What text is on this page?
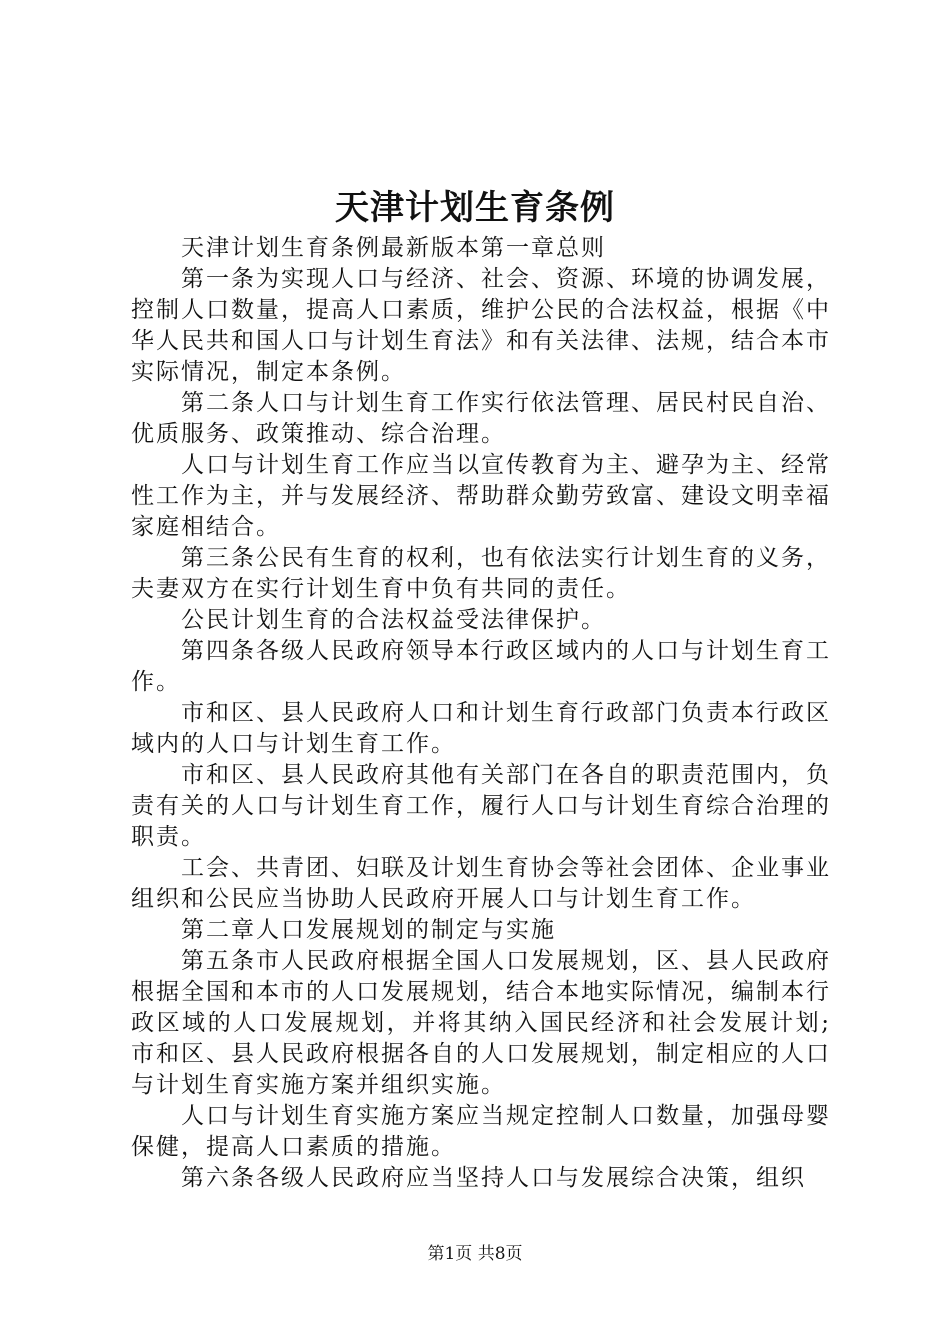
天津计划生育条例

天津计划生育条例最新版本第一章总则

第一条为实现人口与经济、社会、资源、环境的协调发展，控制人口数量，提高人口素质，维护公民的合法权益，根据《中华人民共和国人口与计划生育法》和有关法律、法规，结合本市实际情况，制定本条例。

第二条人口与计划生育工作实行依法管理、居民村民自治、优质服务、政策推动、综合治理。

人口与计划生育工作应当以宣传教育为主、避孕为主、经常性工作为主，并与发展经济、帮助群众勤劳致富、建设文明幸福家庭相结合。

第三条公民有生育的权利，也有依法实行计划生育的义务，夫妻双方在实行计划生育中负有共同的责任。

公民计划生育的合法权益受法律保护。

第四条各级人民政府领导本行政区域内的人口与计划生育工作。

市和区、县人民政府人口和计划生育行政部门负责本行政区域内的人口与计划生育工作。

市和区、县人民政府其他有关部门在各自的职责范围内，负责有关的人口与计划生育工作，履行人口与计划生育综合治理的职责。

工会、共青团、妇联及计划生育协会等社会团体、企业事业组织和公民应当协助人民政府开展人口与计划生育工作。

第二章人口发展规划的制定与实施

第五条市人民政府根据全国人口发展规划，区、县人民政府根据全国和本市的人口发展规划，结合本地实际情况，编制本行政区域的人口发展规划，并将其纳入国民经济和社会发展计划;市和区、县人民政府根据各自的人口发展规划，制定相应的人口与计划生育实施方案并组织实施。

人口与计划生育实施方案应当规定控制人口数量，加强母婴保健，提高人口素质的措施。

第六条各级人民政府应当坚持人口与发展综合决策，组织

第1页 共8页
